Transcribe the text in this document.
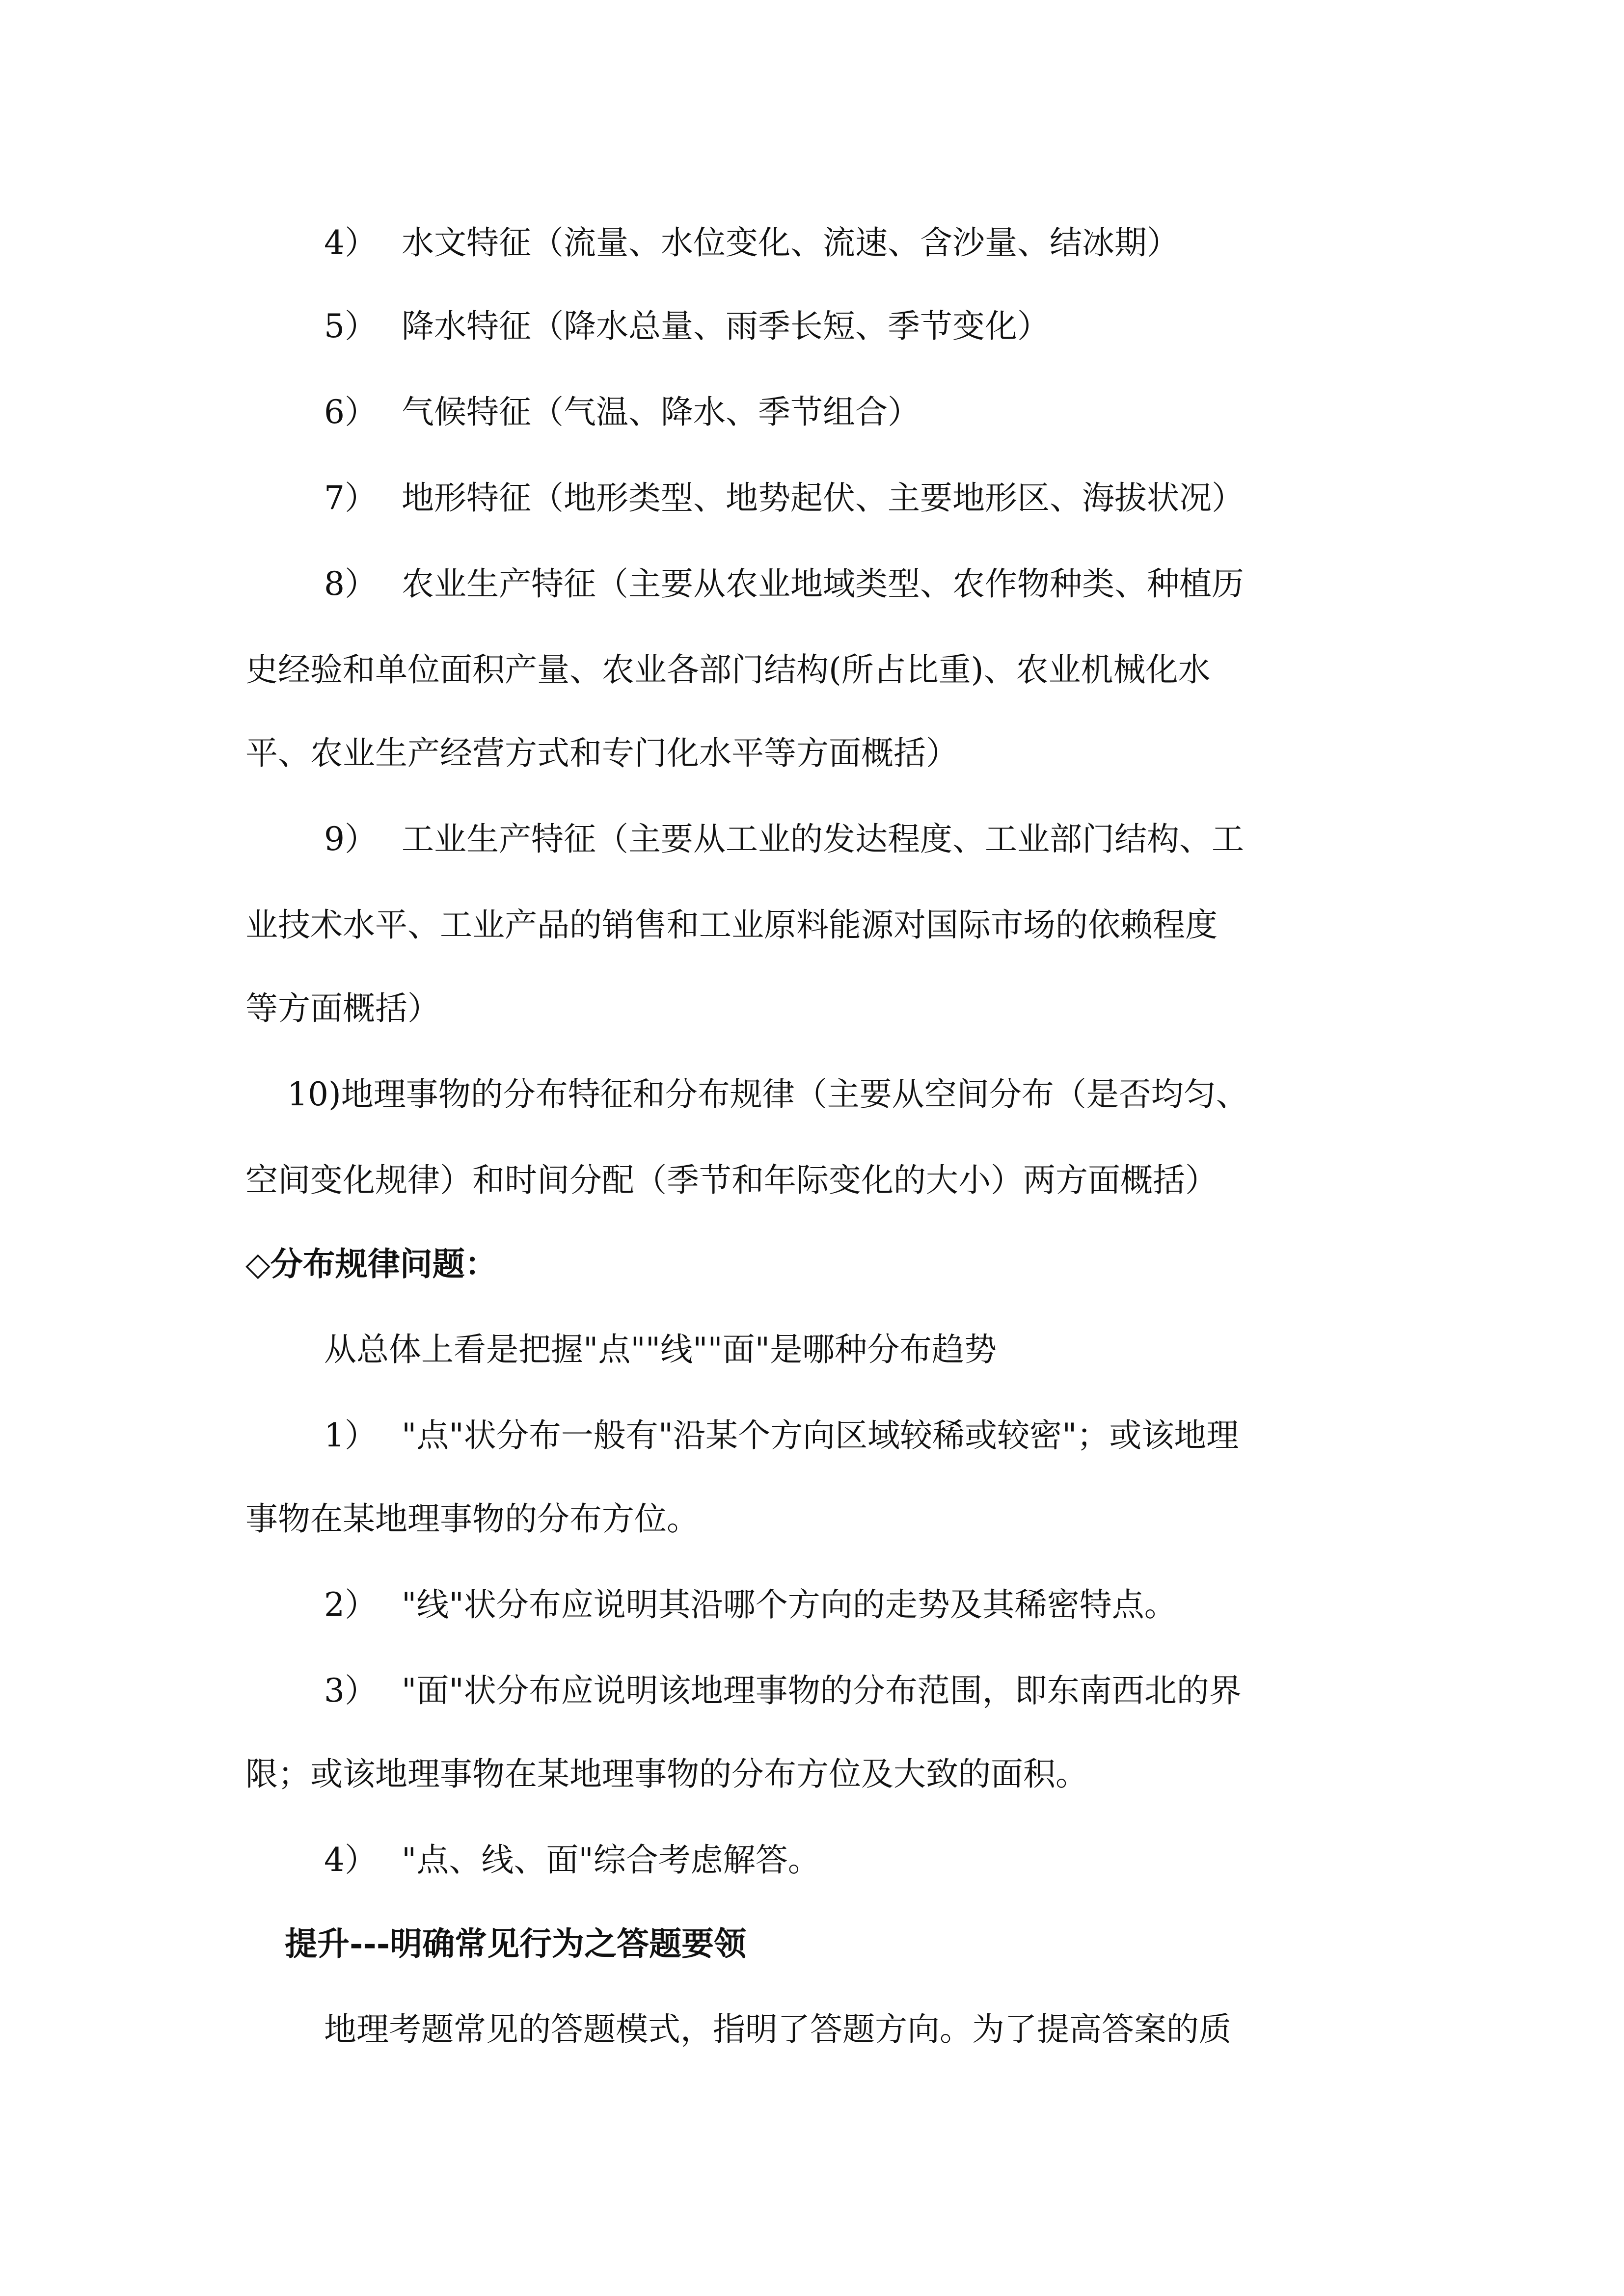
4） 水文特征（流量、水位变化、流速、含沙量、结冰期）
5） 降水特征（降水总量、雨季长短、季节变化）
6） 气候特征（气温、降水、季节组合）
7） 地形特征（地形类型、地势起伏、主要地形区、海拔状况）
8） 农业生产特征（主要从农业地域类型、农作物种类、种植历
史经验和单位面积产量、农业各部门结构(所占比重)、农业机械化水
平、农业生产经营方式和专门化水平等方面概括）
9） 工业生产特征（主要从工业的发达程度、工业部门结构、工
业技术水平、工业产品的销售和工业原料能源对国际市场的依赖程度
等方面概括）
10)地理事物的分布特征和分布规律（主要从空间分布（是否均匀、
空间变化规律）和时间分配（季节和年际变化的大小）两方面概括）
◇分布规律问题：
从总体上看是把握"点""线""面"是哪种分布趋势
1） "点"状分布一般有"沿某个方向区域较稀或较密"；或该地理
事物在某地理事物的分布方位。
2） "线"状分布应说明其沿哪个方向的走势及其稀密特点。
3） "面"状分布应说明该地理事物的分布范围，即东南西北的界
限；或该地理事物在某地理事物的分布方位及大致的面积。
4） "点、线、面"综合考虑解答。
提升---明确常见行为之答题要领
地理考题常见的答题模式，指明了答题方向。为了提高答案的质
